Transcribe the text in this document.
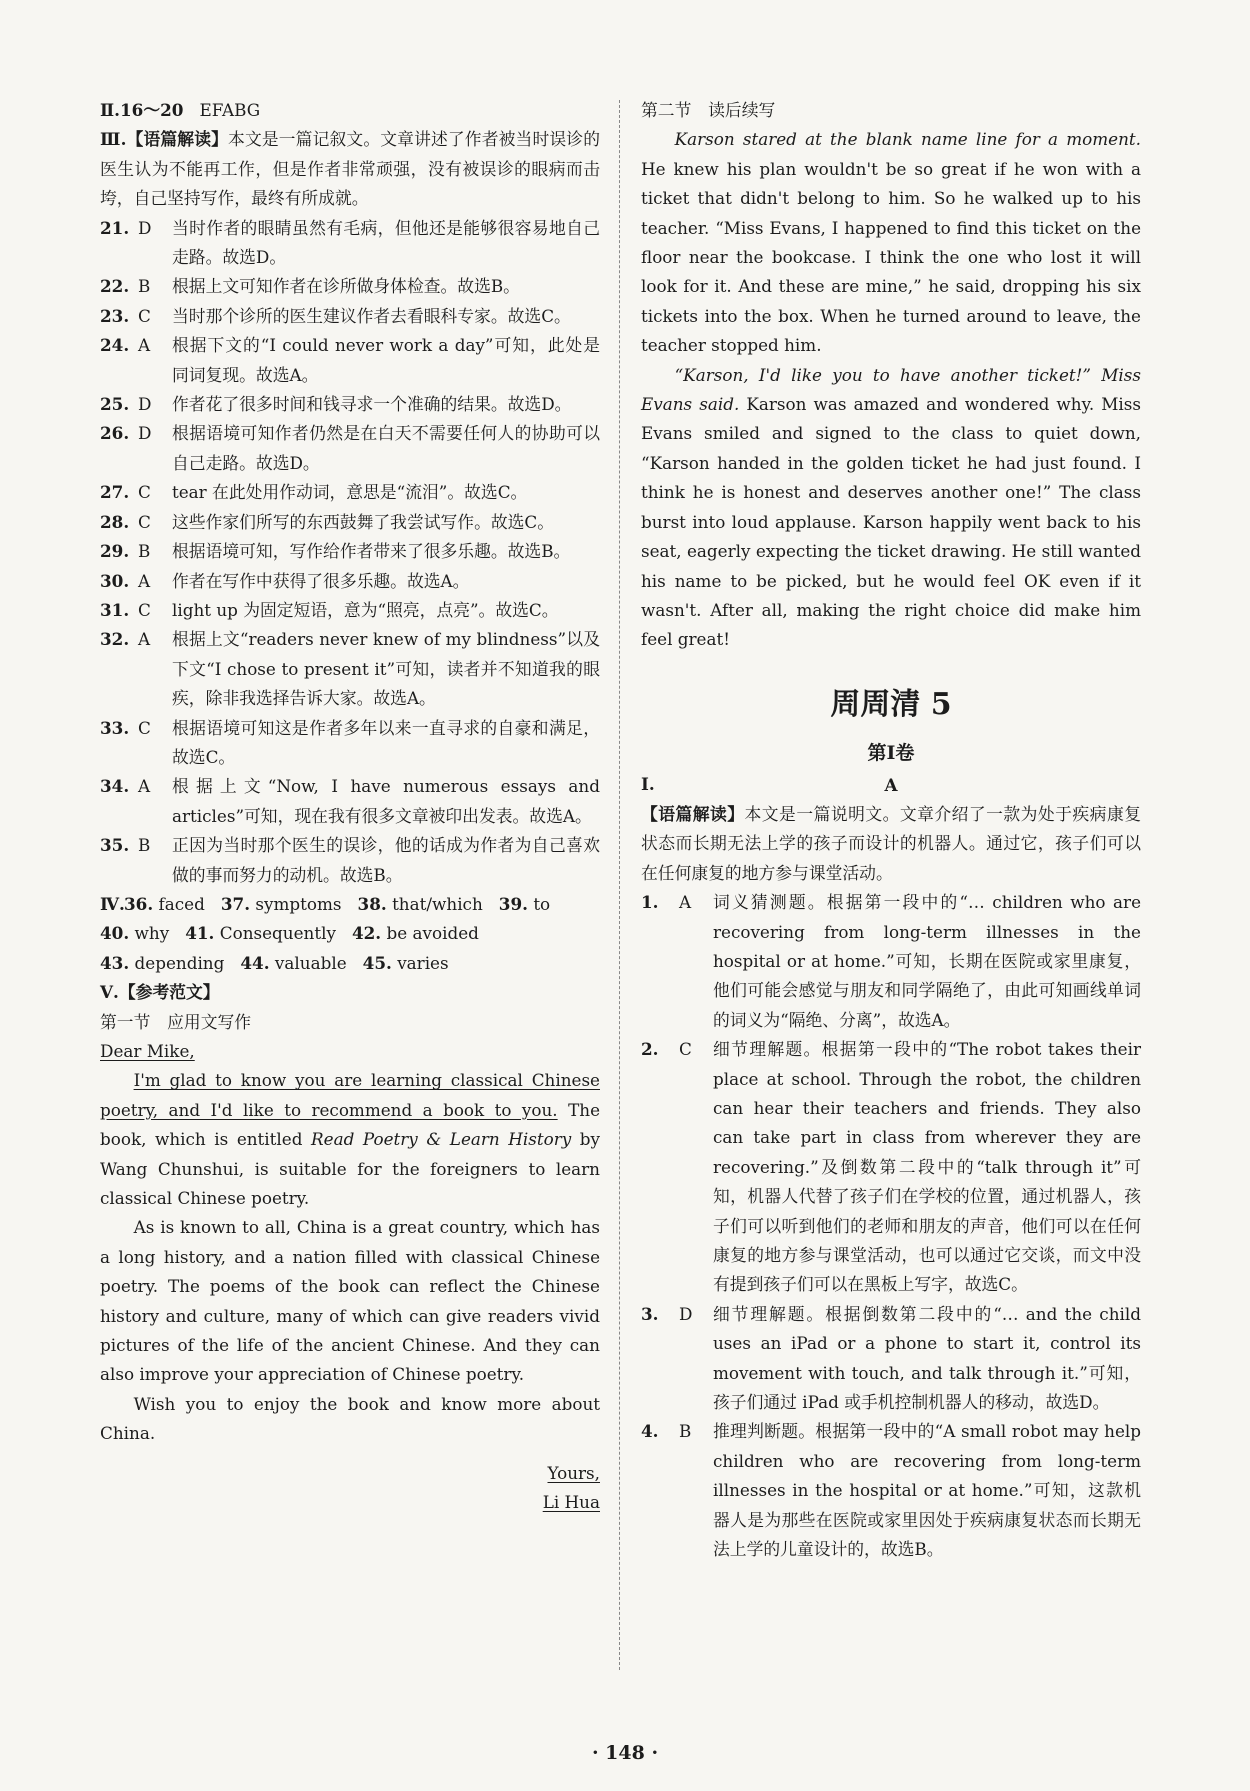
Ⅱ.16～20 EFABG

Ⅲ.【语篇解读】本文是一篇记叙文。文章讲述了作者被当时误诊的医生认为不能再工作，但是作者非常顽强，没有被误诊的眼病而击垮，自己坚持写作，最终有所成就。

21. D	当时作者的眼睛虽然有毛病，但他还是能够很容易地自己走路。故选D。
22. B	根据上文可知作者在诊所做身体检查。故选B。
23. C	当时那个诊所的医生建议作者去看眼科专家。故选C。
24. A	根据下文的“I could never work a day”可知，此处是同词复现。故选A。
25. D	作者花了很多时间和钱寻求一个准确的结果。故选D。
26. D	根据语境可知作者仍然是在白天不需要任何人的协助可以自己走路。故选D。
27. C	tear 在此处用作动词，意思是“流泪”。故选C。
28. C	这些作家们所写的东西鼓舞了我尝试写作。故选C。
29. B	根据语境可知，写作给作者带来了很多乐趣。故选B。
30. A	作者在写作中获得了很多乐趣。故选A。
31. C	light up 为固定短语，意为“照亮，点亮”。故选C。
32. A	根据上文“readers never knew of my blindness”以及下文“I chose to present it”可知，读者并不知道我的眼疾，除非我选择告诉大家。故选A。
33. C	根据语境可知这是作者多年以来一直寻求的自豪和满足，故选C。
34. A	根据上文“Now, I have numerous essays and articles”可知，现在我有很多文章被印出发表。故选A。
35. B	正因为当时那个医生的误诊，他的话成为作者为自己喜欢做的事而努力的动机。故选B。
Ⅳ. 36. faced 37. symptoms 38. that/which 39. to
40. why 41. Consequently 42. be avoided
43. depending 44. valuable 45. varies

Ⅴ.【参考范文】

第一节　应用文写作

Dear Mike,

I'm glad to know you are learning classical Chinese poetry, and I'd like to recommend a book to you. The book, which is entitled Read Poetry & Learn History by Wang Chunshui, is suitable for the foreigners to learn classical Chinese poetry.

As is known to all, China is a great country, which has a long history, and a nation filled with classical Chinese poetry. The poems of the book can reflect the Chinese history and culture, many of which can give readers vivid pictures of the life of the ancient Chinese. And they can also improve your appreciation of Chinese poetry.

Wish you to enjoy the book and know more about China.

Yours,

Li Hua

第二节　读后续写

Karson stared at the blank name line for a moment. He knew his plan wouldn't be so great if he won with a ticket that didn't belong to him. So he walked up to his teacher. “Miss Evans, I happened to find this ticket on the floor near the bookcase. I think the one who lost it will look for it. And these are mine,” he said, dropping his six tickets into the box. When he turned around to leave, the teacher stopped him.

“Karson, I'd like you to have another ticket!” Miss Evans said. Karson was amazed and wondered why. Miss Evans smiled and signed to the class to quiet down, “Karson handed in the golden ticket he had just found. I think he is honest and deserves another one!” The class burst into loud applause. Karson happily went back to his seat, eagerly expecting the ticket drawing. He still wanted his name to be picked, but he would feel OK even if it wasn't. After all, making the right choice did make him feel great!

周周清 5
第Ⅰ卷

Ⅰ.	A

【语篇解读】本文是一篇说明文。文章介绍了一款为处于疾病康复状态而长期无法上学的孩子而设计的机器人。通过它，孩子们可以在任何康复的地方参与课堂活动。

1.	A	词义猜测题。根据第一段中的“… children who are recovering from long-term illnesses in the hospital or at home.”可知，长期在医院或家里康复，他们可能会感觉与朋友和同学隔绝了，由此可知画线单词的词义为“隔绝、分离”，故选A。
2.	C	细节理解题。根据第一段中的“The robot takes their place at school. Through the robot, the children can hear their teachers and friends. They also can take part in class from wherever they are recovering.”及倒数第二段中的“talk through it”可知，机器人代替了孩子们在学校的位置，通过机器人，孩子们可以听到他们的老师和朋友的声音，他们可以在任何康复的地方参与课堂活动，也可以通过它交谈，而文中没有提到孩子们可以在黑板上写字，故选C。
3.	D	细节理解题。根据倒数第二段中的“… and the child uses an iPad or a phone to start it, control its movement with touch, and talk through it.”可知，孩子们通过 iPad 或手机控制机器人的移动，故选D。
4.	B	推理判断题。根据第一段中的“A small robot may help children who are recovering from long-term illnesses in the hospital or at home.”可知，这款机器人是为那些在医院或家里因处于疾病康复状态而长期无法上学的儿童设计的，故选B。
· 148 ·
